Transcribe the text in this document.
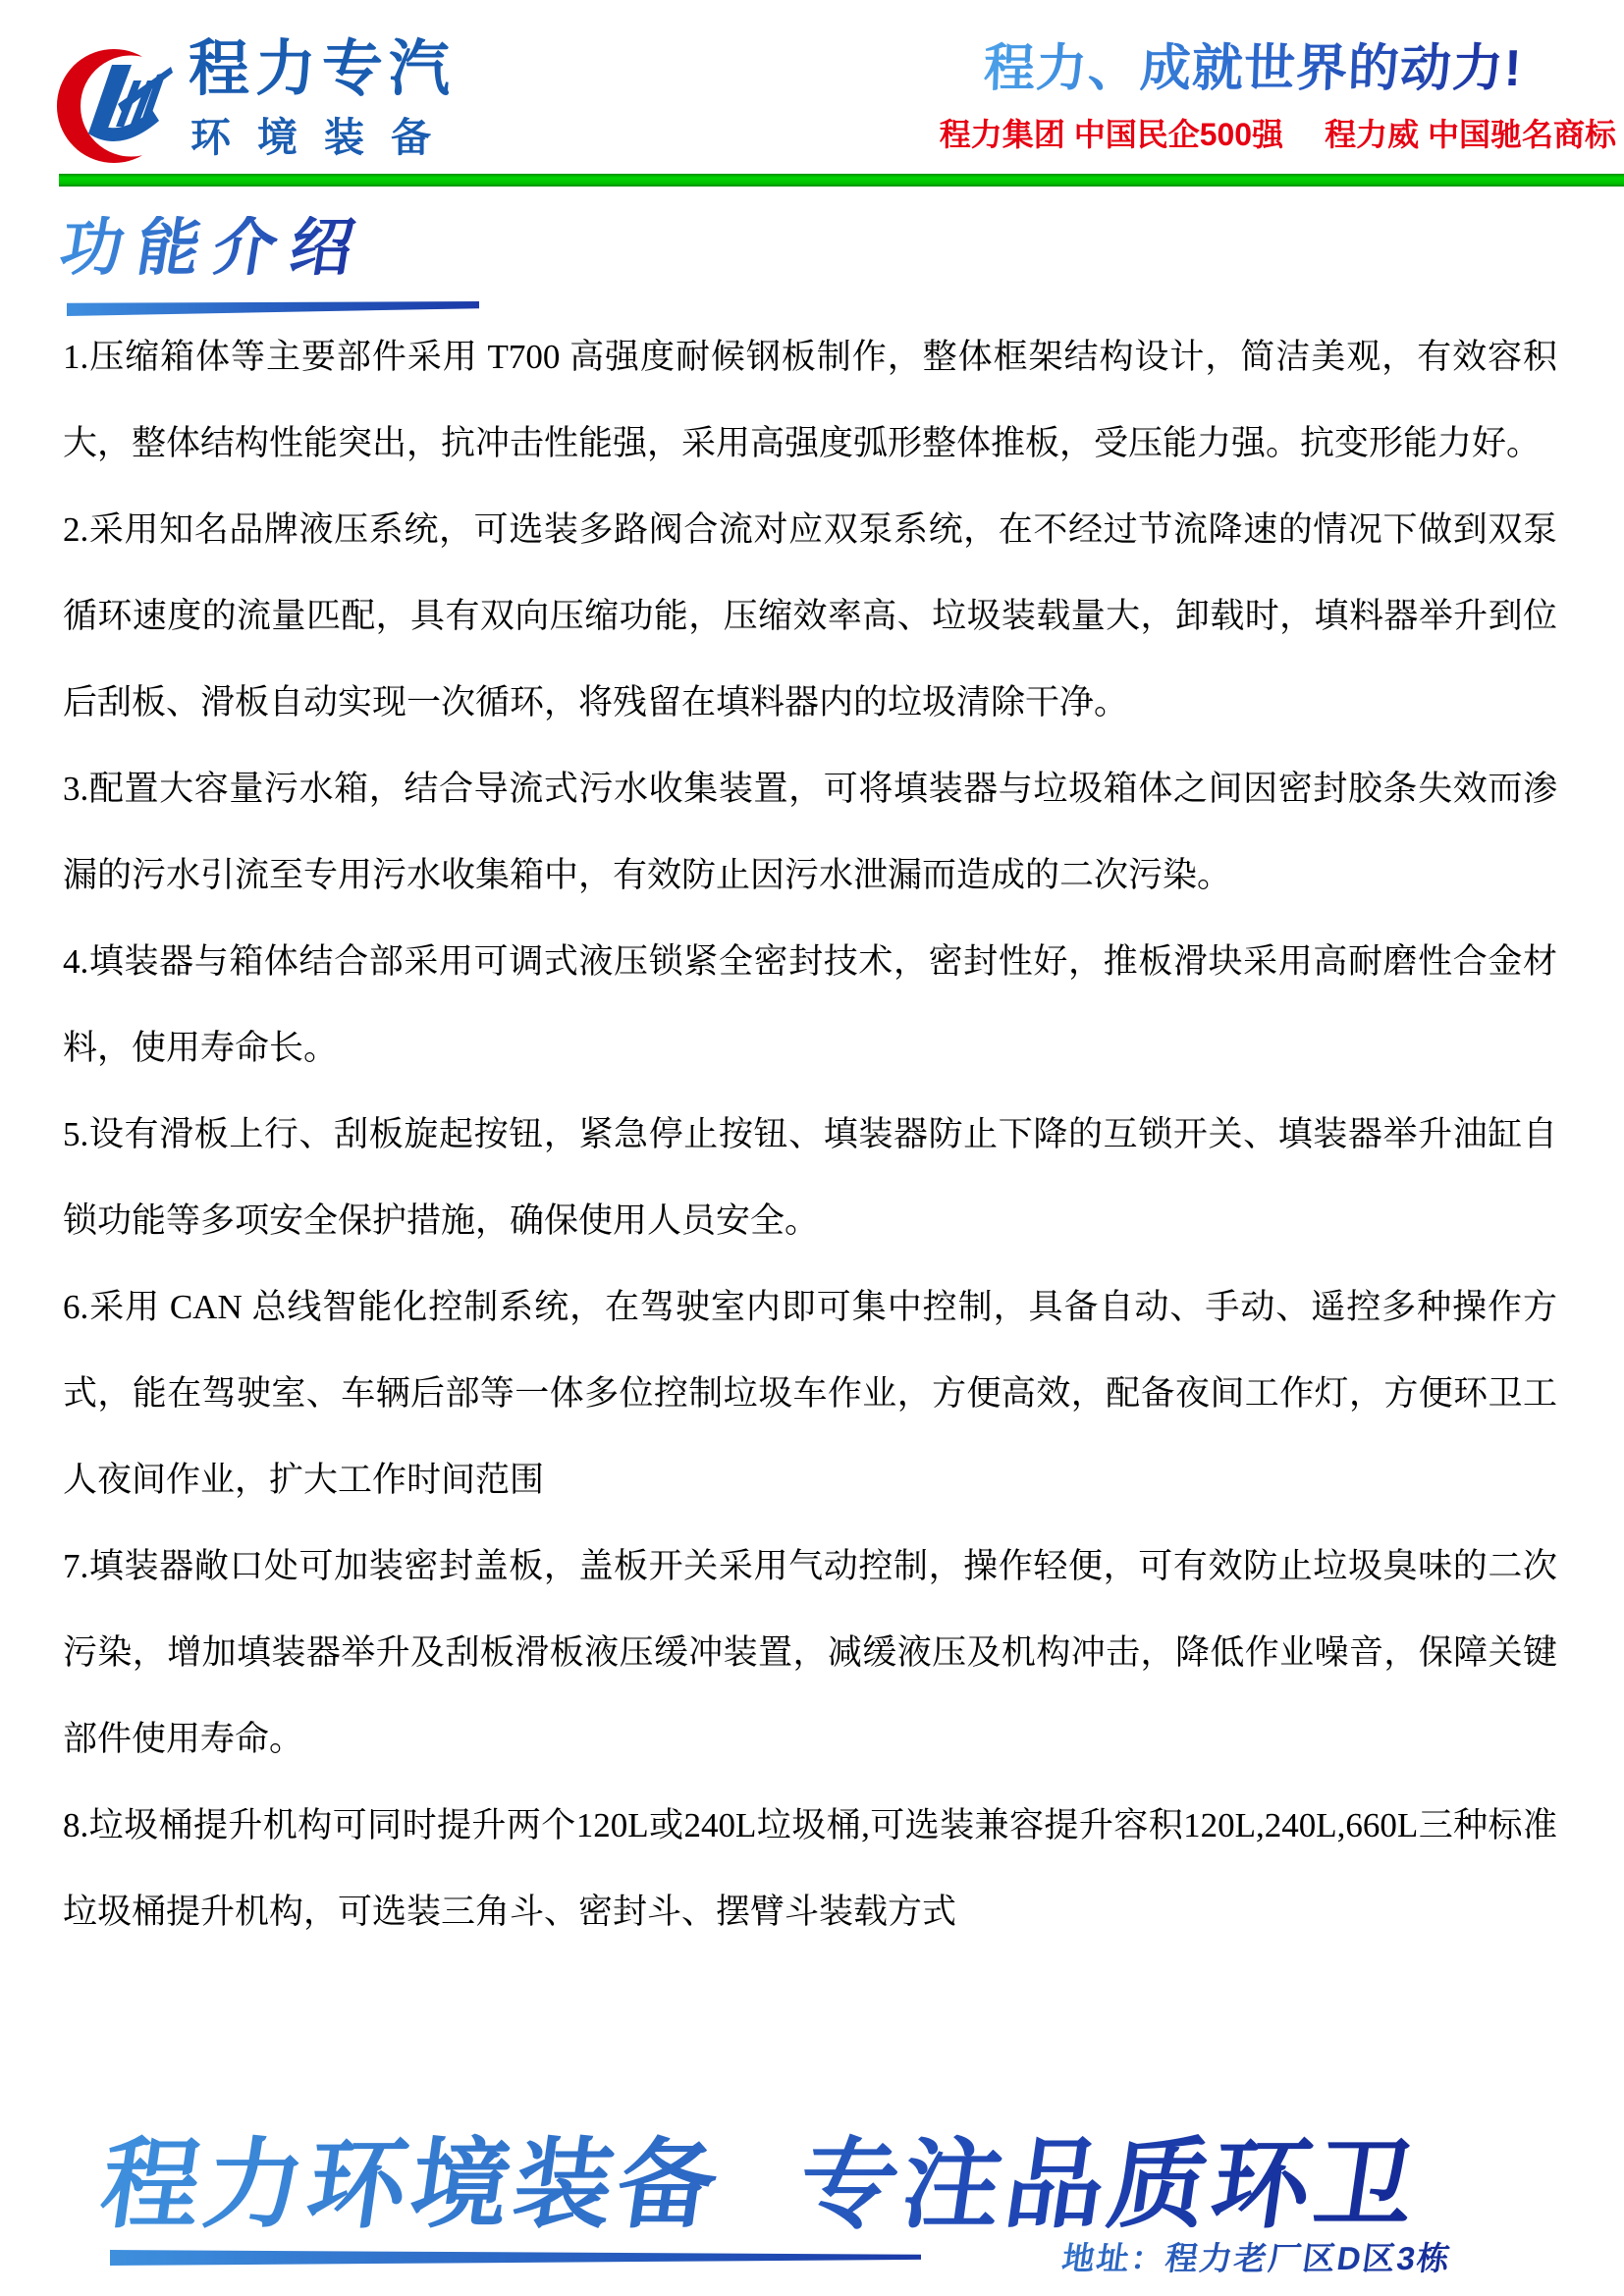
程力专汽
环境装备
程力、成就世界的动力!
程力集团 中国民企500强 程力威 中国驰名商标
功能介绍

1.压缩箱体等主要部件采用 T700 高强度耐候钢板制作，整体框架结构设计，简洁美观，有效容积大，整体结构性能突出，抗冲击性能强，采用高强度弧形整体推板，受压能力强。抗变形能力好。

2.采用知名品牌液压系统，可选装多路阀合流对应双泵系统，在不经过节流降速的情况下做到双泵循环速度的流量匹配，具有双向压缩功能，压缩效率高、垃圾装载量大，卸载时，填料器举升到位后刮板、滑板自动实现一次循环，将残留在填料器内的垃圾清除干净。

3.配置大容量污水箱，结合导流式污水收集装置，可将填装器与垃圾箱体之间因密封胶条失效而渗漏的污水引流至专用污水收集箱中，有效防止因污水泄漏而造成的二次污染。

4.填装器与箱体结合部采用可调式液压锁紧全密封技术，密封性好，推板滑块采用高耐磨性合金材料，使用寿命长。

5.设有滑板上行、刮板旋起按钮，紧急停止按钮、填装器防止下降的互锁开关、填装器举升油缸自锁功能等多项安全保护措施，确保使用人员安全。

6.采用 CAN 总线智能化控制系统，在驾驶室内即可集中控制，具备自动、手动、遥控多种操作方式，能在驾驶室、车辆后部等一体多位控制垃圾车作业，方便高效，配备夜间工作灯，方便环卫工人夜间作业，扩大工作时间范围

7.填装器敞口处可加装密封盖板，盖板开关采用气动控制，操作轻便，可有效防止垃圾臭味的二次污染，增加填装器举升及刮板滑板液压缓冲装置，减缓液压及机构冲击，降低作业噪音，保障关键部件使用寿命。

8.垃圾桶提升机构可同时提升两个120L或240L垃圾桶,可选装兼容提升容积120L,240L,660L三种标准垃圾桶提升机构，可选装三角斗、密封斗、摆臂斗装载方式

程力环境装备 专注品质环卫
地址：程力老厂区D区3栋
